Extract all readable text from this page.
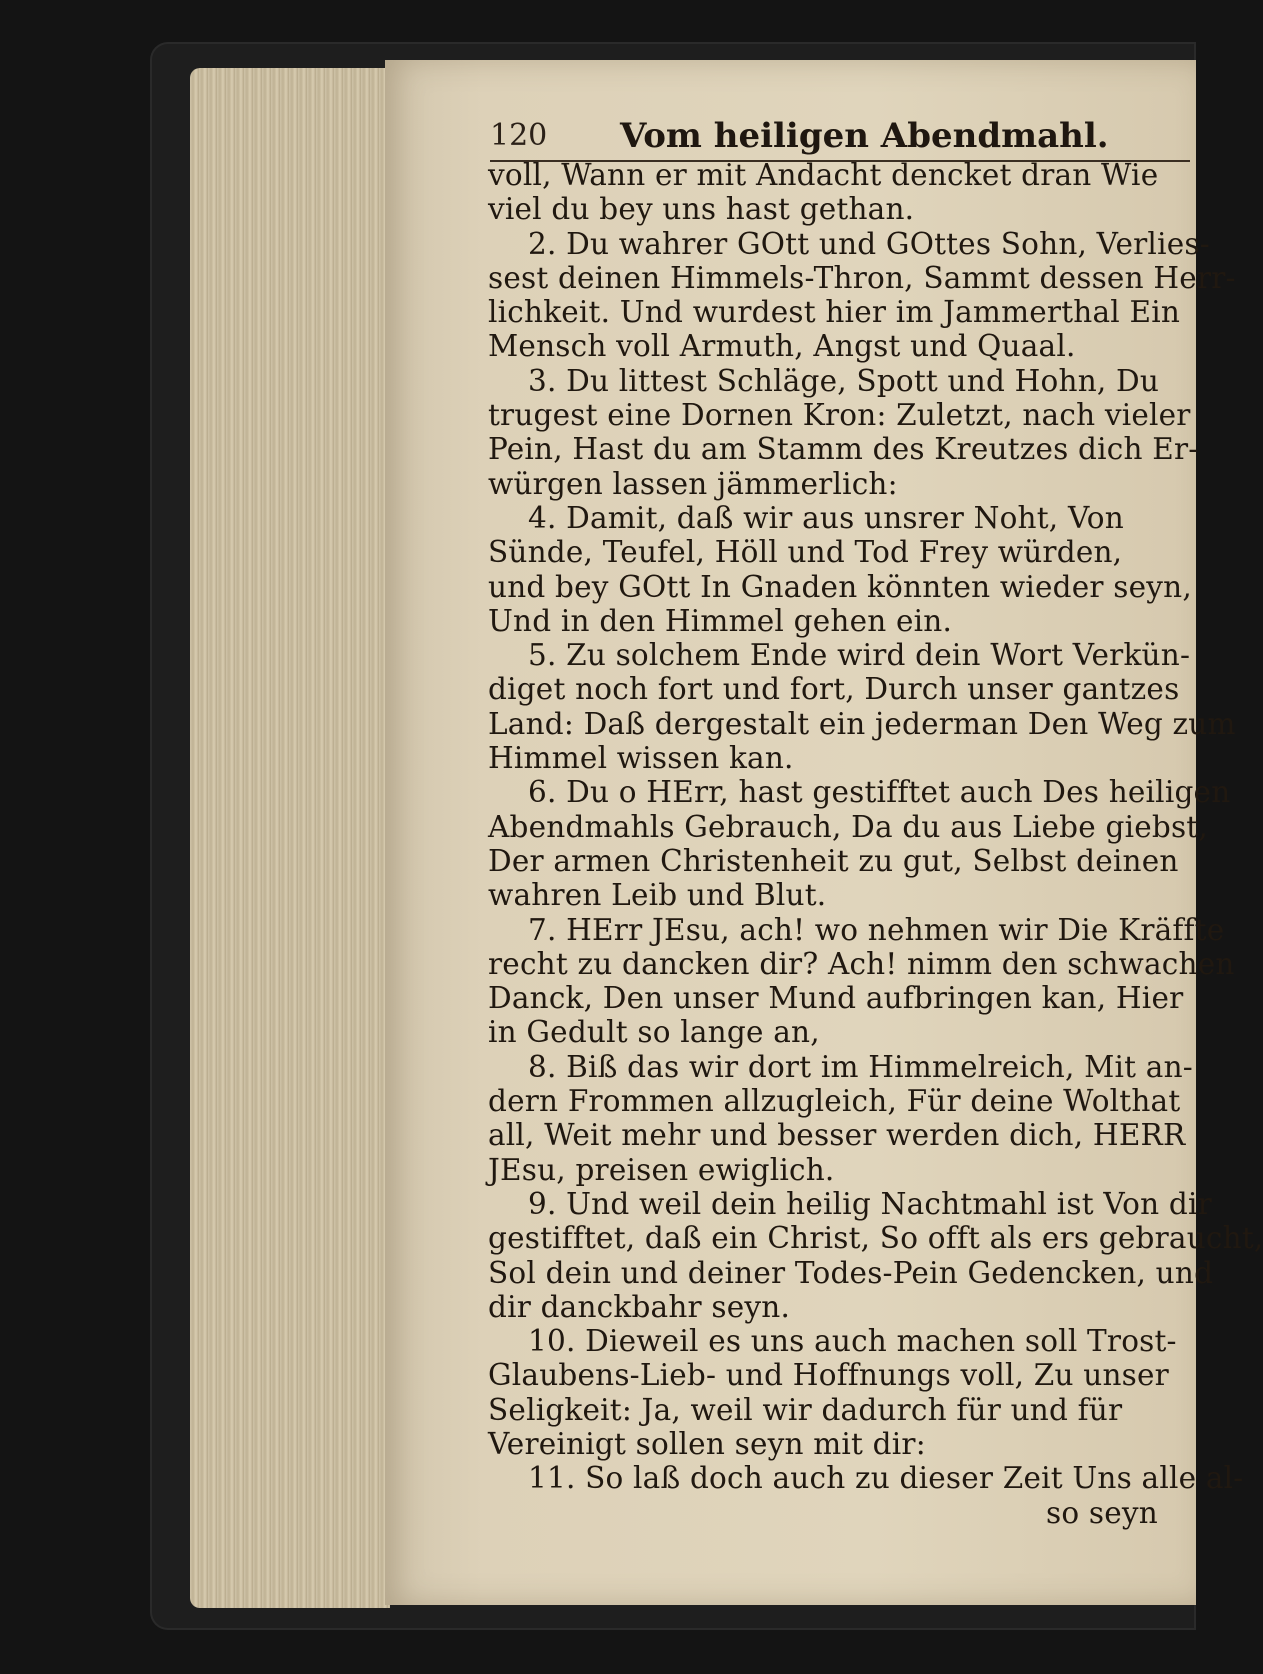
120 Vom heiligen Abendmahl.
voll, Wann er mit Andacht dencket dran Wie
viel du bey uns hast gethan.
2. Du wahrer GOtt und GOttes Sohn, Verlies-
sest deinen Himmels-Thron, Sammt dessen Herr-
lichkeit. Und wurdest hier im Jammerthal Ein
Mensch voll Armuth, Angst und Quaal.
3. Du littest Schläge, Spott und Hohn, Du
trugest eine Dornen Kron: Zuletzt, nach vieler
Pein, Hast du am Stamm des Kreutzes dich Er-
würgen lassen jämmerlich:
4. Damit, daß wir aus unsrer Noht, Von
Sünde, Teufel, Höll und Tod Frey würden,
und bey GOtt In Gnaden könnten wieder seyn,
Und in den Himmel gehen ein.
5. Zu solchem Ende wird dein Wort Verkün-
diget noch fort und fort, Durch unser gantzes
Land: Daß dergestalt ein jederman Den Weg zum
Himmel wissen kan.
6. Du o HErr, hast gestifftet auch Des heiligen
Abendmahls Gebrauch, Da du aus Liebe giebst,
Der armen Christenheit zu gut, Selbst deinen
wahren Leib und Blut.
7. HErr JEsu, ach! wo nehmen wir Die Kräffte
recht zu dancken dir? Ach! nimm den schwachen
Danck, Den unser Mund aufbringen kan, Hier
in Gedult so lange an,
8. Biß das wir dort im Himmelreich, Mit an-
dern Frommen allzugleich, Für deine Wolthat
all, Weit mehr und besser werden dich, HERR
JEsu, preisen ewiglich.
9. Und weil dein heilig Nachtmahl ist Von dir
gestifftet, daß ein Christ, So offt als ers gebraucht,
Sol dein und deiner Todes-Pein Gedencken, und
dir danckbahr seyn.
10. Dieweil es uns auch machen soll Trost-
Glaubens-Lieb- und Hoffnungs voll, Zu unser
Seligkeit: Ja, weil wir dadurch für und für
Vereinigt sollen seyn mit dir:
11. So laß doch auch zu dieser Zeit Uns alle al-
so seyn
